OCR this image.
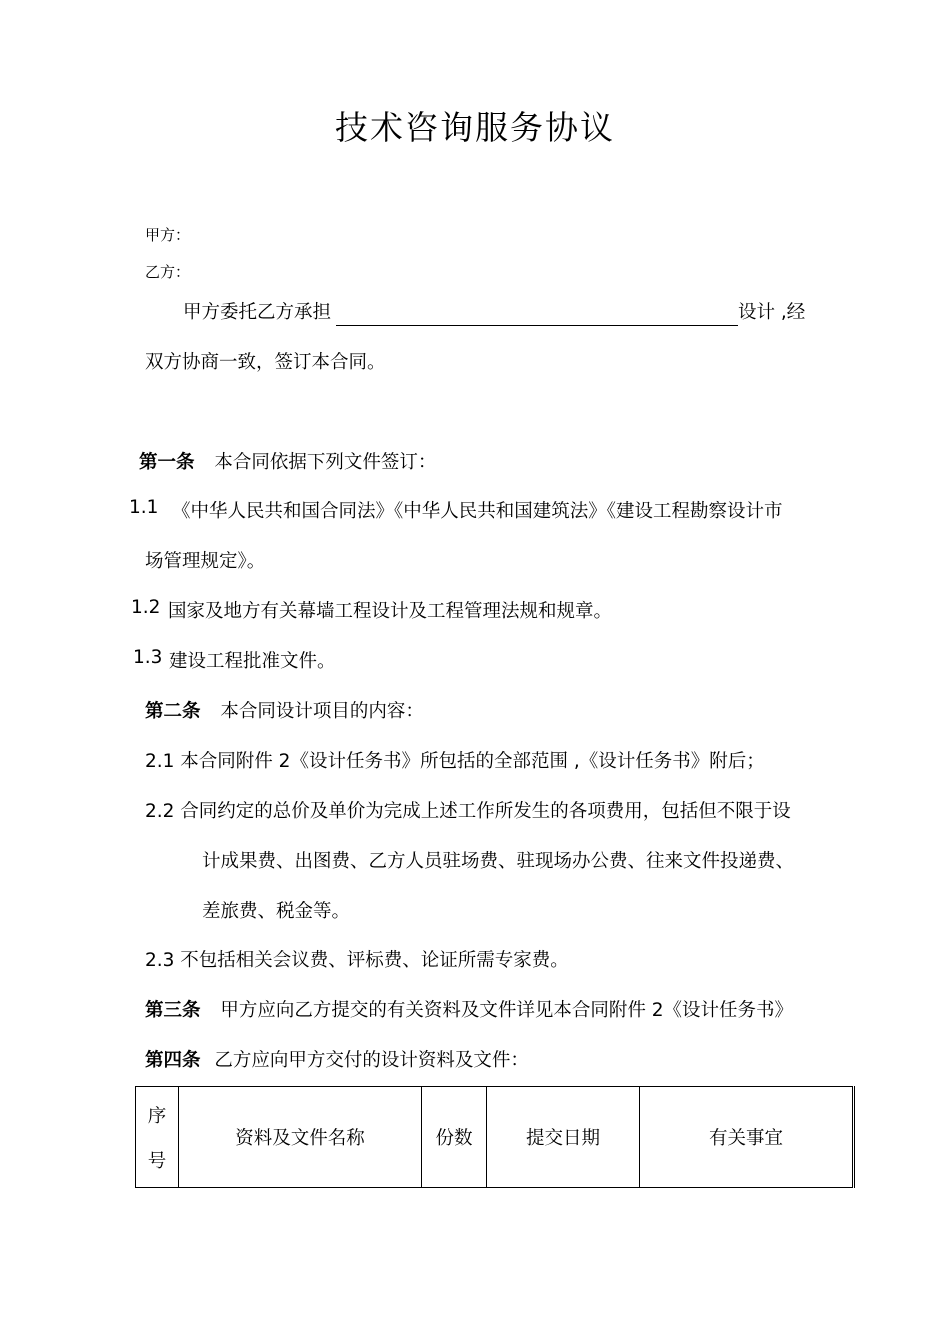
技术咨询服务协议
甲方：
乙方：
甲方委托乙方承担	设计 ,经
双方协商一致，签订本合同。
第一条 本合同依据下列文件签订：
1.1 《中华人民共和国合同法》《中华人民共和国建筑法》《建设工程勘察设计市
场管理规定》。
1.2 国家及地方有关幕墙工程设计及工程管理法规和规章。
1.3 建设工程批准文件。
第二条 本合同设计项目的内容：
2.1 本合同附件 2《设计任务书》所包括的全部范围 ,《设计任务书》附后；
2.2 合同约定的总价及单价为完成上述工作所发生的各项费用，包括但不限于设
计成果费、出图费、乙方人员驻场费、驻现场办公费、往来文件投递费、
差旅费、税金等。
2.3 不包括相关会议费、评标费、论证所需专家费。
第三条 甲方应向乙方提交的有关资料及文件详见本合同附件 2《设计任务书》
第四条 乙方应向甲方交付的设计资料及文件：
序
号
	资料及文件名称	份数	提交日期	有关事宜
